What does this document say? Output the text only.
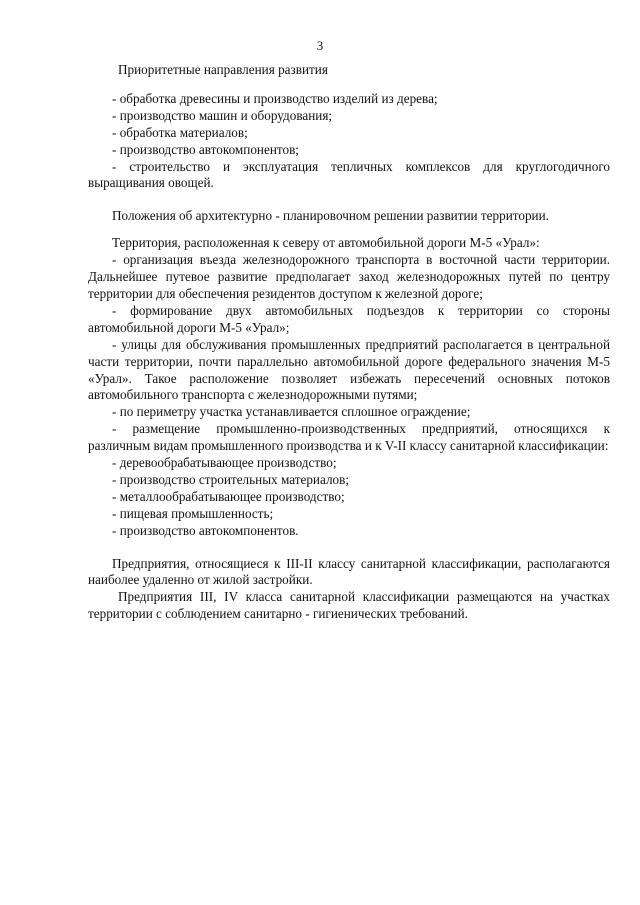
3

Приоритетные направления развития

- обработка древесины и производство изделий из дерева;

- производство машин и оборудования;

- обработка материалов;

- производство автокомпонентов;

- строительство и эксплуатация тепличных комплексов для круглогодичного выращивания овощей.

Положения об архитектурно - планировочном решении развитии территории.

Территория, расположенная к северу от автомобильной дороги М-5 «Урал»:

- организация въезда железнодорожного транспорта в восточной части территории. Дальнейшее путевое развитие предполагает заход железнодорожных путей по центру территории для обеспечения резидентов доступом к железной дороге;

- формирование двух автомобильных подъездов к территории со стороны автомобильной дороги М-5 «Урал»;

- улицы для обслуживания промышленных предприятий располагается в центральной части территории, почти параллельно автомобильной дороге федерального значения М-5 «Урал». Такое расположение позволяет избежать пересечений основных потоков автомобильного транспорта с железнодорожными путями;

- по периметру участка устанавливается сплошное ограждение;

- размещение промышленно-производственных предприятий, относящихся к различным видам промышленного производства и к V-II классу санитарной классификации:

- деревообрабатывающее производство;

- производство строительных материалов;

- металлообрабатывающее производство;

- пищевая промышленность;

- производство автокомпонентов.

Предприятия, относящиеся к III-II классу санитарной классификации, располагаются наиболее удаленно от жилой застройки.

Предприятия III, IV класса санитарной классификации размещаются на участках территории с соблюдением санитарно - гигиенических требований.
